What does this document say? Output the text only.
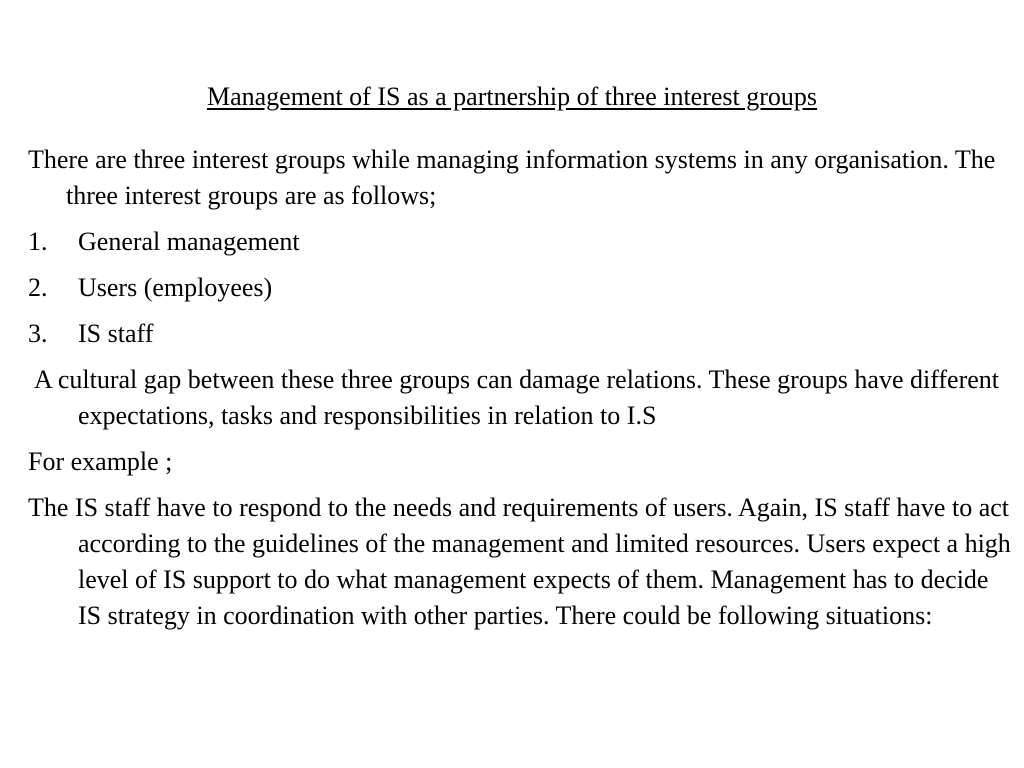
Management of IS as a partnership of three interest groups

There are three interest groups while managing information systems in any organisation. The three interest groups are as follows;

1.	General management
2.	Users (employees)
3.	IS staff

A cultural gap between these three groups can damage relations. These groups have different expectations, tasks and responsibilities in relation to I.S

For example ;

The IS staff have to respond to the needs and requirements of users. Again, IS staff have to act according to the guidelines of the management and limited resources. Users expect a high level of IS support to do what management expects of them. Management has to decide IS strategy in coordination with other parties. There could be following situations:
